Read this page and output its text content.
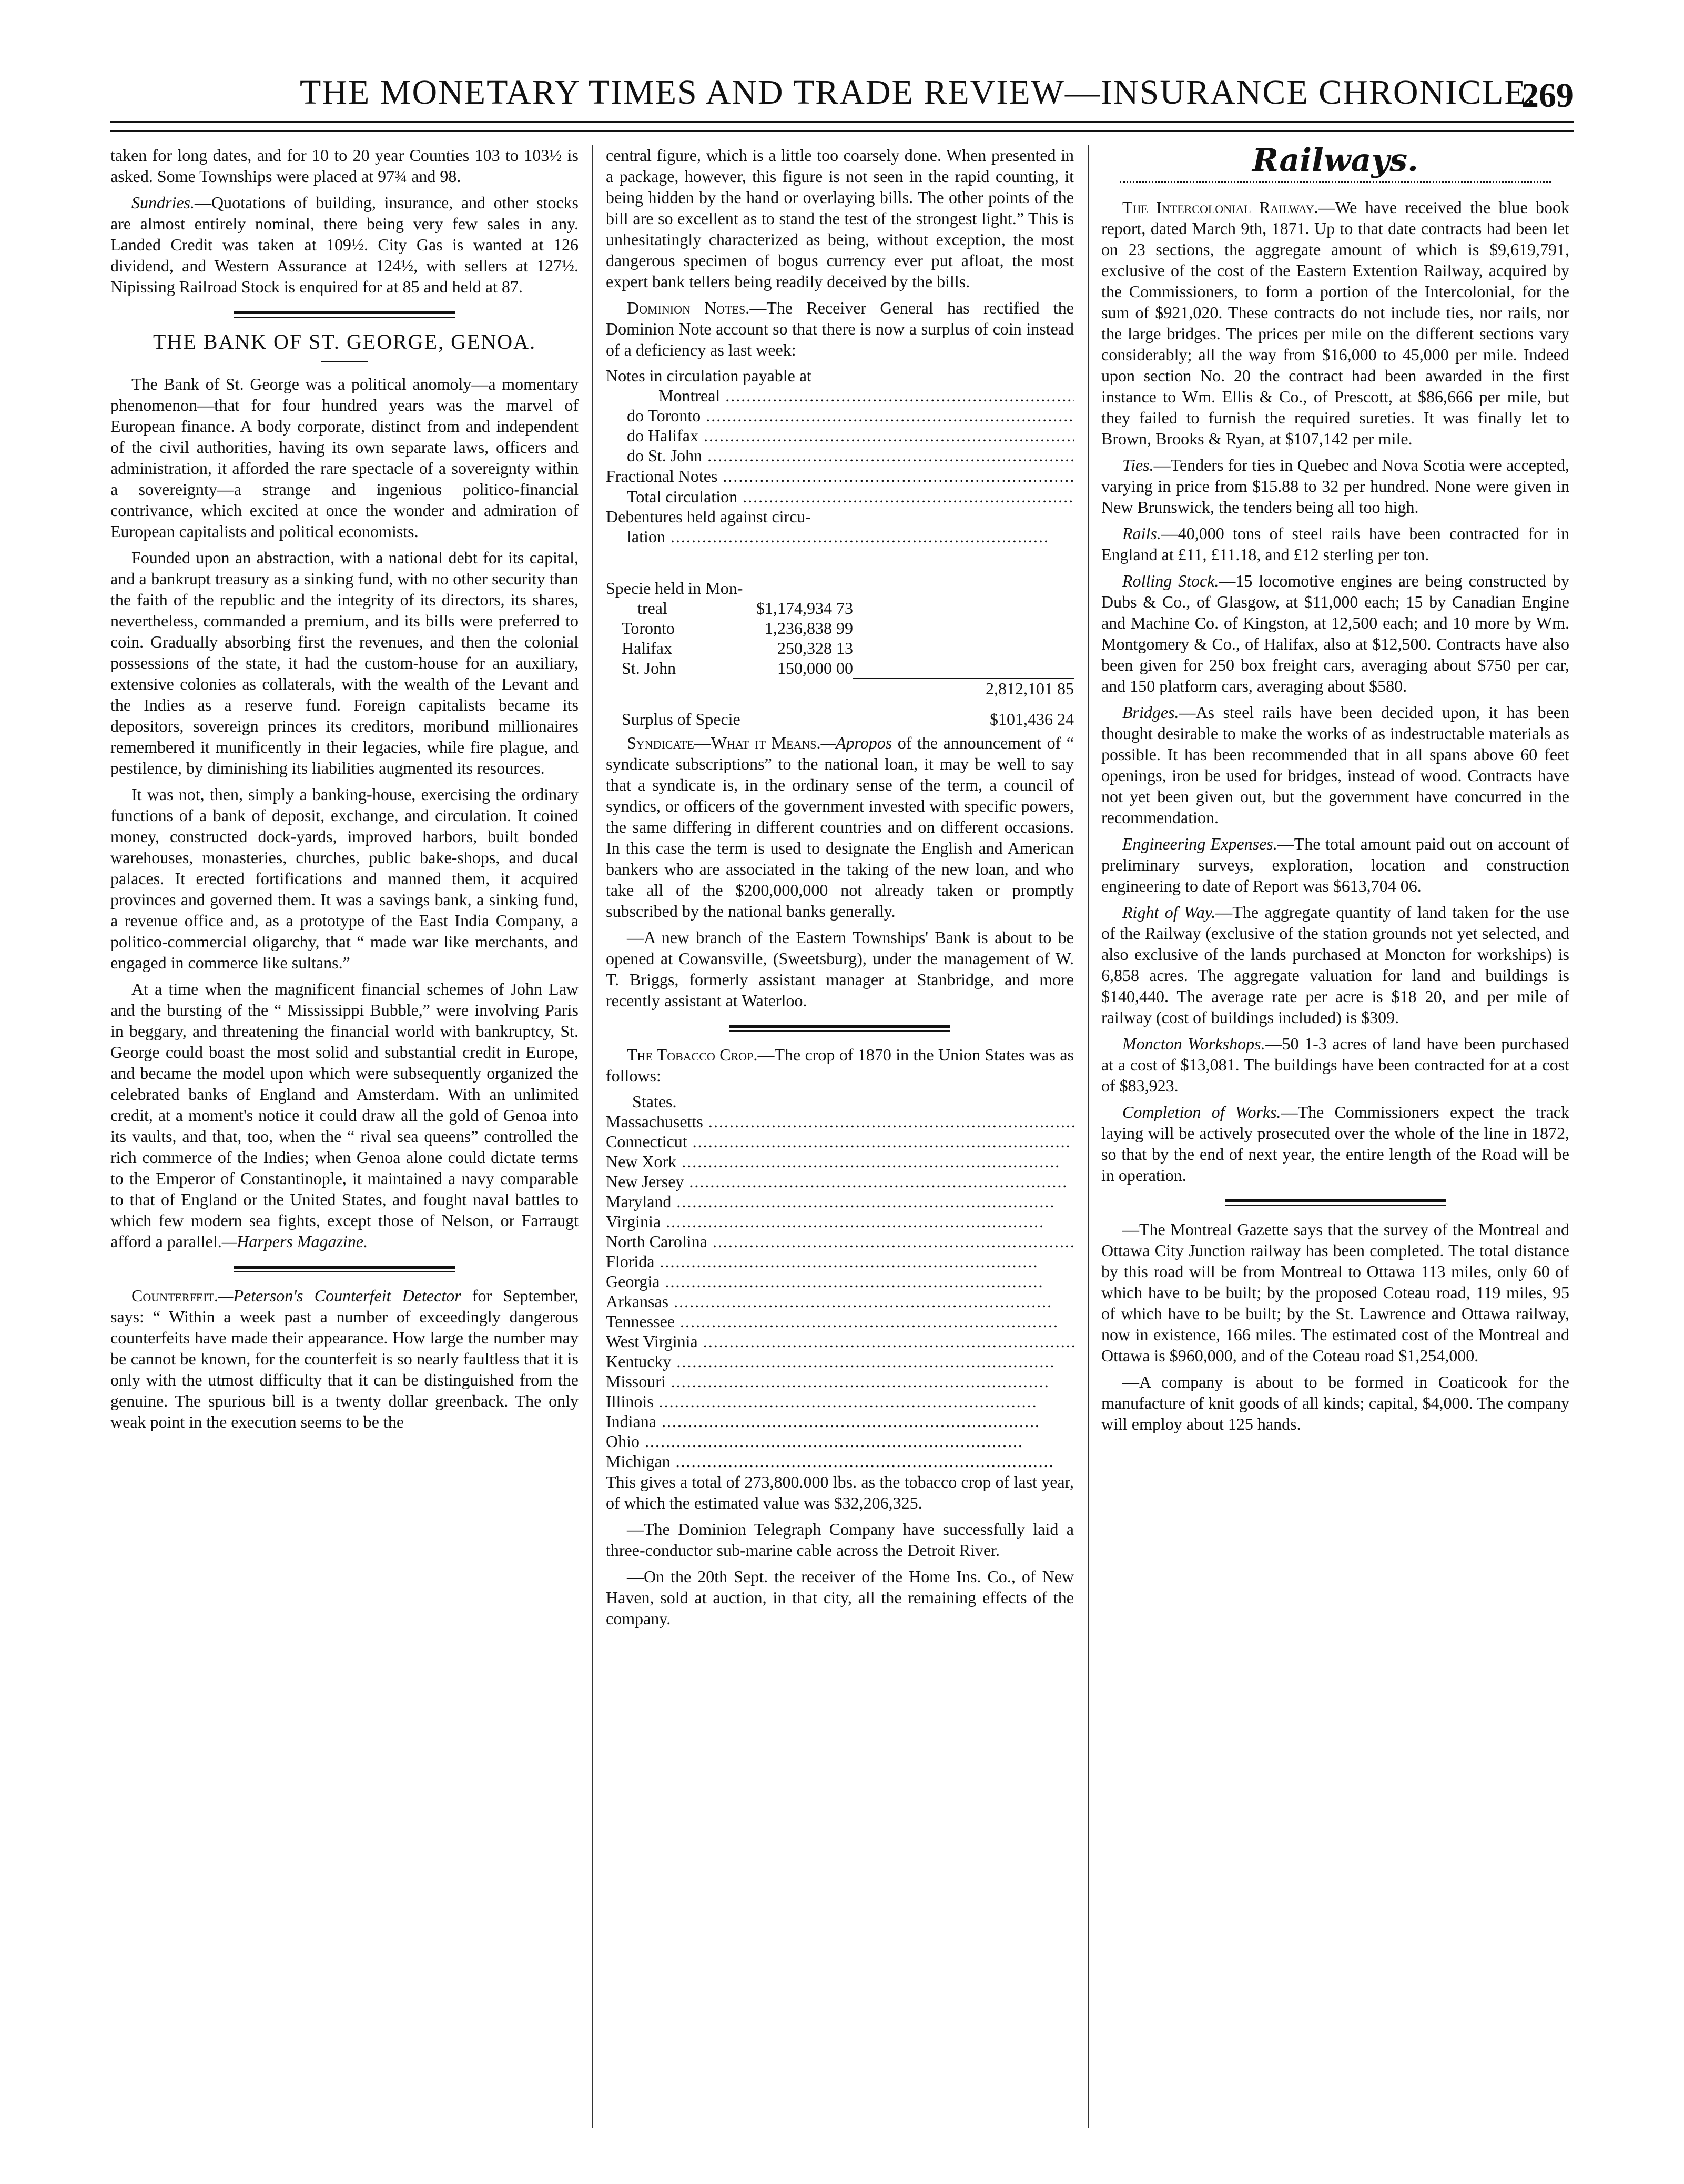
THE MONETARY TIMES AND TRADE REVIEW—INSURANCE CHRONICLE.
269

taken for long dates, and for 10 to 20 year Counties 103 to 103½ is asked. Some Townships were placed at 97¾ and 98.

Sundries.—Quotations of building, insurance, and other stocks are almost entirely nominal, there being very few sales in any. Landed Credit was taken at 109½. City Gas is wanted at 126 dividend, and Western Assurance at 124½, with sellers at 127½. Nipissing Railroad Stock is enquired for at 85 and held at 87.

THE BANK OF ST. GEORGE, GENOA.

The Bank of St. George was a political anomoly—a momentary phenomenon—that for four hundred years was the marvel of European finance. A body corporate, distinct from and independent of the civil authorities, having its own separate laws, officers and administration, it afforded the rare spectacle of a sovereignty within a sovereignty—a strange and ingenious politico-financial contrivance, which excited at once the wonder and admiration of European capitalists and political economists.

Founded upon an abstraction, with a national debt for its capital, and a bankrupt treasury as a sinking fund, with no other security than the faith of the republic and the integrity of its directors, its shares, nevertheless, commanded a premium, and its bills were preferred to coin. Gradually absorbing first the revenues, and then the colonial possessions of the state, it had the custom-house for an auxiliary, extensive colonies as collaterals, with the wealth of the Levant and the Indies as a reserve fund. Foreign capitalists became its depositors, sovereign princes its creditors, moribund millionaires remembered it munificently in their legacies, while fire plague, and pestilence, by diminishing its liabilities augmented its resources.

It was not, then, simply a banking-house, exercising the ordinary functions of a bank of deposit, exchange, and circulation. It coined money, constructed dock-yards, improved harbors, built bonded warehouses, monasteries, churches, public bake-shops, and ducal palaces. It erected fortifications and manned them, it acquired provinces and governed them. It was a savings bank, a sinking fund, a revenue office and, as a prototype of the East India Company, a politico-commercial oligarchy, that “ made war like merchants, and engaged in commerce like sultans.”

At a time when the magnificent financial schemes of John Law and the bursting of the “ Mississippi Bubble,” were involving Paris in beggary, and threatening the financial world with bankruptcy, St. George could boast the most solid and substantial credit in Europe, and became the model upon which were subsequently organized the celebrated banks of England and Amsterdam. With an unlimited credit, at a moment's notice it could draw all the gold of Genoa into its vaults, and that, too, when the “ rival sea queens” controlled the rich commerce of the Indies; when Genoa alone could dictate terms to the Emperor of Constantinople, it maintained a navy comparable to that of England or the United States, and fought naval battles to which few modern sea fights, except those of Nelson, or Farraugt afford a parallel.—Harpers Magazine.

Counterfeit.—Peterson's Counterfeit Detector for September, says: “ Within a week past a number of exceedingly dangerous counterfeits have made their appearance. How large the number may be cannot be known, for the counterfeit is so nearly faultless that it is only with the utmost difficulty that it can be distinguished from the genuine. The spurious bill is a twenty dollar greenback. The only weak point in the execution seems to be the

central figure, which is a little too coarsely done. When presented in a package, however, this figure is not seen in the rapid counting, it being hidden by the hand or overlaying bills. The other points of the bill are so excellent as to stand the test of the strongest light.” This is unhesitatingly characterized as being, without exception, the most dangerous specimen of bogus currency ever put afloat, the most expert bank tellers being readily deceived by the bills.

Dominion Notes.—The Receiver General has rectified the Dominion Note account so that there is now a surplus of coin instead of a deficiency as last week:

Notes in circulation payable at	
Montreal .....	
do Toronto .....	
do Halifax .....	
do St. John .....	
Fractional Notes .....	
Total circulation .....	
Debentures held against circu-	
lation .....	

Specie held in Mon-	
treal	$1,174,934 73	
Toronto	1,236,838 99	
Halifax	250,328 13	
St. John	150,000 00	
		2,812,101 85

Surplus of Specie		$101,436 24

Syndicate—What it Means.—Apropos of the announcement of “ syndicate subscriptions” to the national loan, it may be well to say that a syndicate is, in the ordinary sense of the term, a council of syndics, or officers of the government invested with specific powers, the same differing in different countries and on different occasions. In this case the term is used to designate the English and American bankers who are associated in the taking of the new loan, and who take all of the $200,000,000 not already taken or promptly subscribed by the national banks generally.

—A new branch of the Eastern Townships' Bank is about to be opened at Cowansville, (Sweetsburg), under the management of W. T. Briggs, formerly assistant manager at Stanbridge, and more recently assistant at Waterloo.

The Tobacco Crop.—The crop of 1870 in the Union States was as follows:

States.	
Massachusetts .....	
Connecticut .....	
New Xork .....	
New Jersey .....	
Maryland .....	
Virginia .....	
North Carolina .....	
Florida .....	
Georgia .....	
Arkansas .....	
Tennessee .....	
West Virginia .....	
Kentucky .....	
Missouri .....	
Illinois .....	
Indiana .....	
Ohio .....	
Michigan .....	

This gives a total of 273,800.000 lbs. as the tobacco crop of last year, of which the estimated value was $32,206,325.

—The Dominion Telegraph Company have successfully laid a three-conductor sub-marine cable across the Detroit River.

—On the 20th Sept. the receiver of the Home Ins. Co., of New Haven, sold at auction, in that city, all the remaining effects of the company.

Railways.

The Intercolonial Railway.—We have received the blue book report, dated March 9th, 1871. Up to that date contracts had been let on 23 sections, the aggregate amount of which is $9,619,791, exclusive of the cost of the Eastern Extention Railway, acquired by the Commissioners, to form a portion of the Intercolonial, for the sum of $921,020. These contracts do not include ties, nor rails, nor the large bridges. The prices per mile on the different sections vary considerably; all the way from $16,000 to 45,000 per mile. Indeed upon section No. 20 the contract had been awarded in the first instance to Wm. Ellis & Co., of Prescott, at $86,666 per mile, but they failed to furnish the required sureties. It was finally let to Brown, Brooks & Ryan, at $107,142 per mile.

Ties.—Tenders for ties in Quebec and Nova Scotia were accepted, varying in price from $15.88 to 32 per hundred. None were given in New Brunswick, the tenders being all too high.

Rails.—40,000 tons of steel rails have been contracted for in England at £11, £11.18, and £12 sterling per ton.

Rolling Stock.—15 locomotive engines are being constructed by Dubs & Co., of Glasgow, at $11,000 each; 15 by Canadian Engine and Machine Co. of Kingston, at 12,500 each; and 10 more by Wm. Montgomery & Co., of Halifax, also at $12,500. Contracts have also been given for 250 box freight cars, averaging about $750 per car, and 150 platform cars, averaging about $580.

Bridges.—As steel rails have been decided upon, it has been thought desirable to make the works of as indestructable materials as possible. It has been recommended that in all spans above 60 feet openings, iron be used for bridges, instead of wood. Contracts have not yet been given out, but the government have concurred in the recommendation.

Engineering Expenses.—The total amount paid out on account of preliminary surveys, exploration, location and construction engineering to date of Report was $613,704 06.

Right of Way.—The aggregate quantity of land taken for the use of the Railway (exclusive of the station grounds not yet selected, and also exclusive of the lands purchased at Moncton for workships) is 6,858 acres. The aggregate valuation for land and buildings is $140,440. The average rate per acre is $18 20, and per mile of railway (cost of buildings included) is $309.

Moncton Workshops.—50 1-3 acres of land have been purchased at a cost of $13,081. The buildings have been contracted for at a cost of $83,923.

Completion of Works.—The Commissioners expect the track laying will be actively prosecuted over the whole of the line in 1872, so that by the end of next year, the entire length of the Road will be in operation.

—The Montreal Gazette says that the survey of the Montreal and Ottawa City Junction railway has been completed. The total distance by this road will be from Montreal to Ottawa 113 miles, only 60 of which have to be built; by the proposed Coteau road, 119 miles, 95 of which have to be built; by the St. Lawrence and Ottawa railway, now in existence, 166 miles. The estimated cost of the Montreal and Ottawa is $960,000, and of the Coteau road $1,254,000.

—A company is about to be formed in Coaticook for the manufacture of knit goods of all kinds; capital, $4,000. The company will employ about 125 hands.
